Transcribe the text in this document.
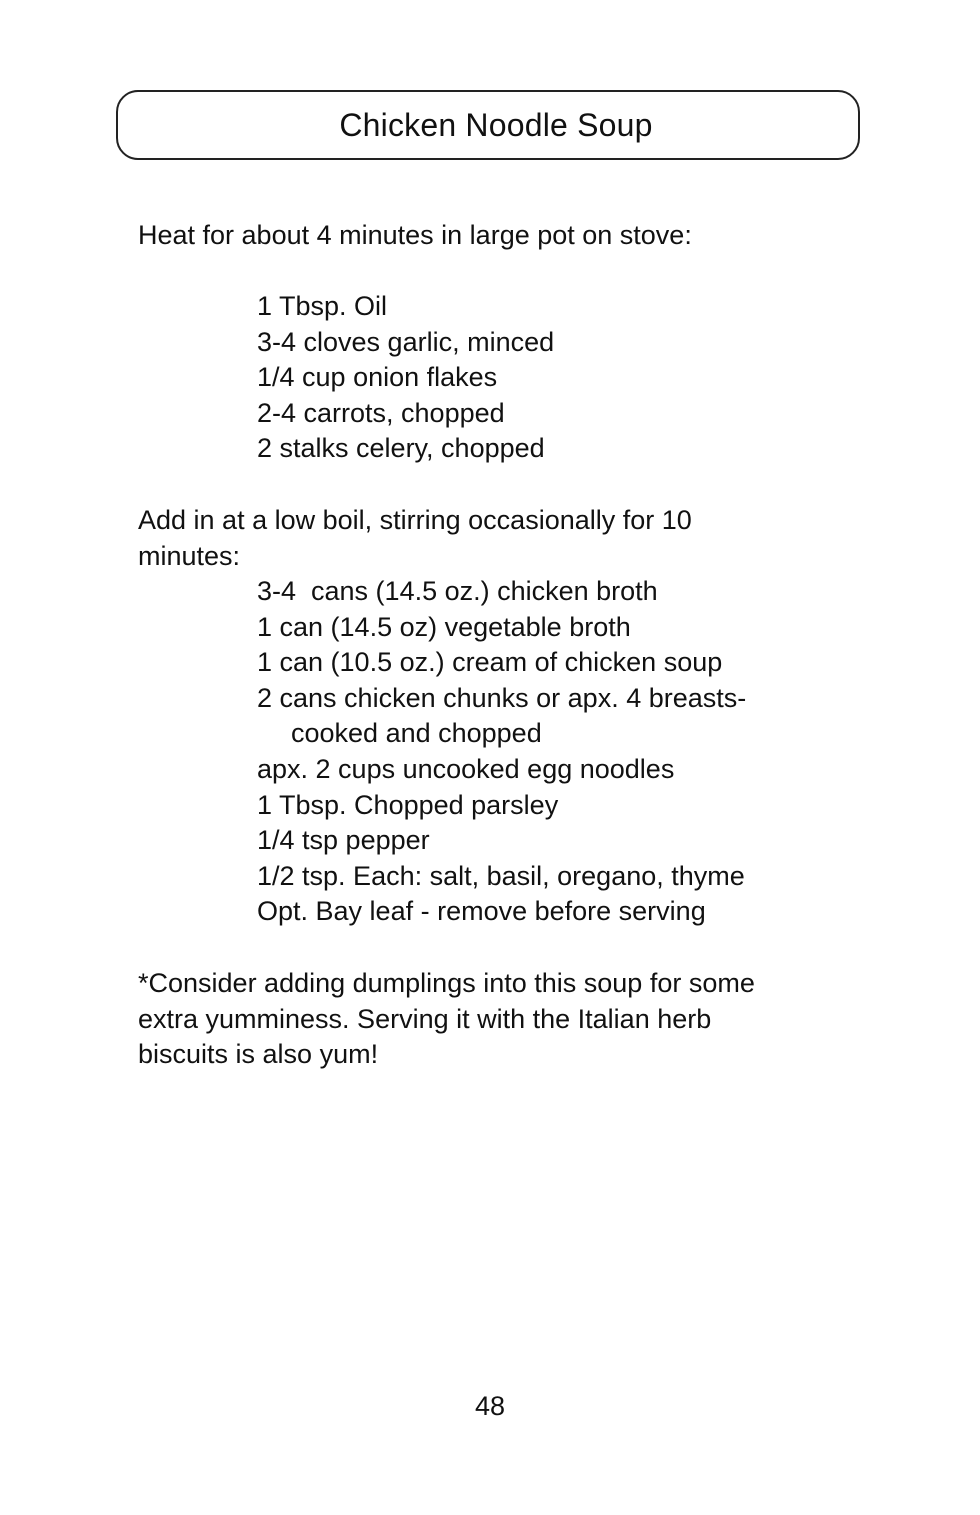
Chicken Noodle Soup

Heat for about 4 minutes in large pot on stove:

1 Tbsp. Oil
3-4 cloves garlic, minced
1/4 cup onion flakes
2-4 carrots, chopped
2 stalks celery, chopped
Add in at a low boil, stirring occasionally for 10
minutes:
3-4  cans (14.5 oz.) chicken broth
1 can (14.5 oz) vegetable broth
1 can (10.5 oz.) cream of chicken soup
2 cans chicken chunks or apx. 4 breasts-
cooked and chopped
apx. 2 cups uncooked egg noodles
1 Tbsp. Chopped parsley
1/4 tsp pepper
1/2 tsp. Each: salt, basil, oregano, thyme
Opt. Bay leaf - remove before serving
*Consider adding dumplings into this soup for some
extra yumminess. Serving it with the Italian herb
biscuits is also yum!
48
